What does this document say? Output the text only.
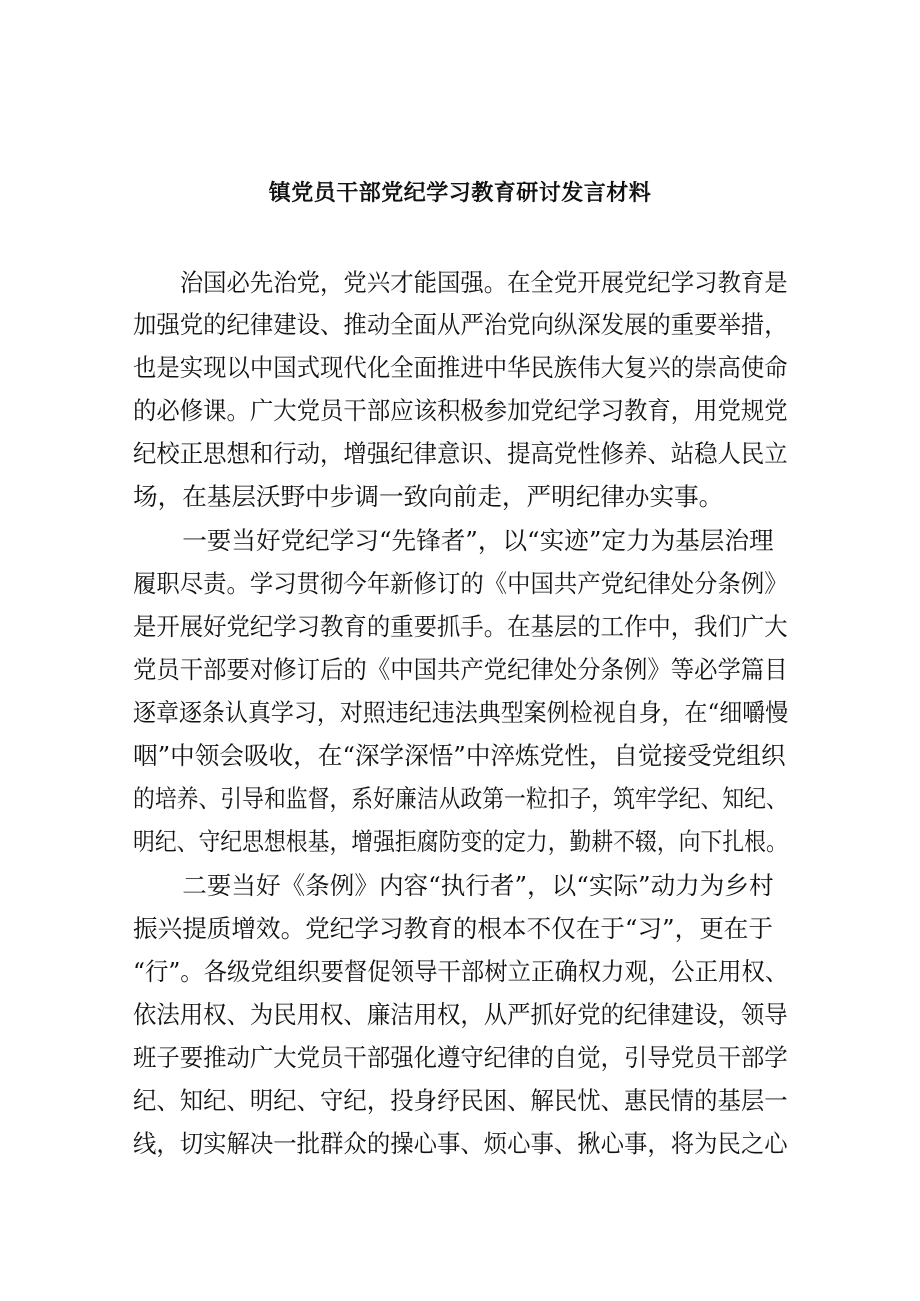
镇党员干部党纪学习教育研讨发言材料
　　治国必先治党，党兴才能国强。在全党开展党纪学习教育是
加强党的纪律建设、推动全面从严治党向纵深发展的重要举措，
也是实现以中国式现代化全面推进中华民族伟大复兴的崇高使命
的必修课。广大党员干部应该积极参加党纪学习教育，用党规党
纪校正思想和行动，增强纪律意识、提高党性修养、站稳人民立
场，在基层沃野中步调一致向前走，严明纪律办实事。
　　一要当好党纪学习“先锋者”，以“实迹”定力为基层治理
履职尽责。学习贯彻今年新修订的《中国共产党纪律处分条例》
是开展好党纪学习教育的重要抓手。在基层的工作中，我们广大
党员干部要对修订后的《中国共产党纪律处分条例》等必学篇目
逐章逐条认真学习，对照违纪违法典型案例检视自身，在“细嚼慢
咽”中领会吸收，在“深学深悟”中淬炼党性，自觉接受党组织
的培养、引导和监督，系好廉洁从政第一粒扣子，筑牢学纪、知纪、
明纪、守纪思想根基，增强拒腐防变的定力，勤耕不辍，向下扎根。
　　二要当好《条例》内容“执行者”，以“实际”动力为乡村
振兴提质增效。党纪学习教育的根本不仅在于“习”，更在于
“行”。各级党组织要督促领导干部树立正确权力观，公正用权、
依法用权、为民用权、廉洁用权，从严抓好党的纪律建设，领导
班子要推动广大党员干部强化遵守纪律的自觉，引导党员干部学
纪、知纪、明纪、守纪，投身纾民困、解民忧、惠民情的基层一
线，切实解决一批群众的操心事、烦心事、揪心事，将为民之心
